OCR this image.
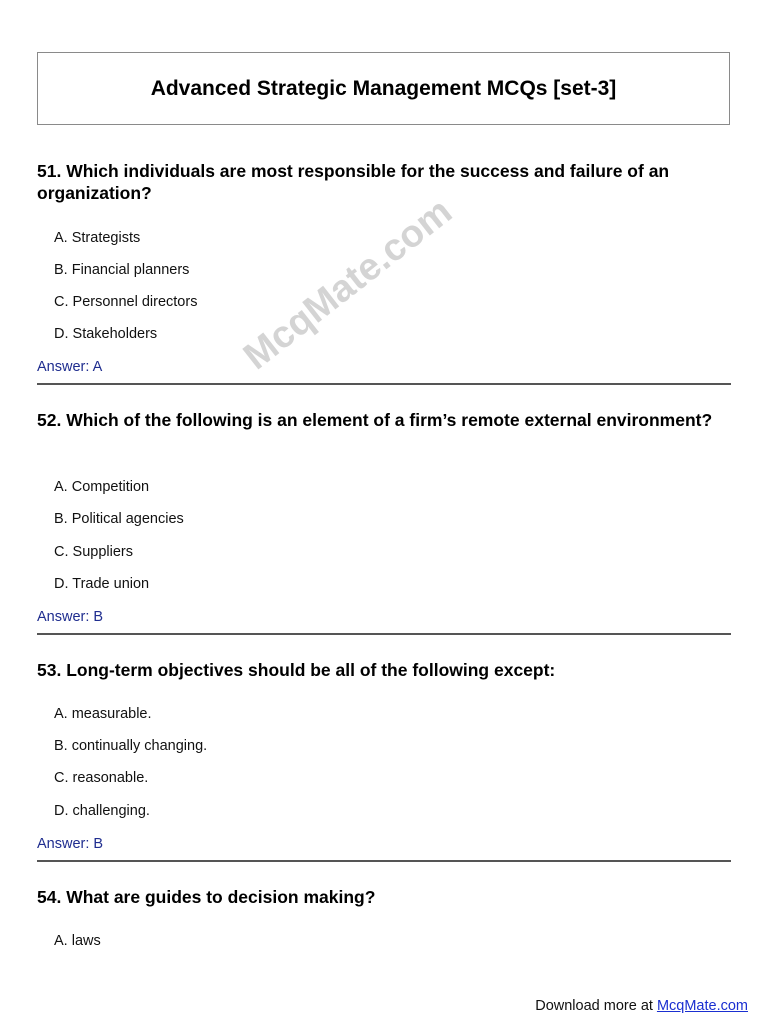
Advanced Strategic Management MCQs [set-3]
McqMate.com

51. Which individuals are most responsible for the success and failure of an organization?

A. Strategists
B. Financial planners
C. Personnel directors
D. Stakeholders
Answer: A

52. Which of the following is an element of a firm’s remote external environment?

A. Competition
B. Political agencies
C. Suppliers
D. Trade union
Answer: B

53. Long-term objectives should be all of the following except:

A. measurable.
B. continually changing.
C. reasonable.
D. challenging.
Answer: B

54. What are guides to decision making?

A. laws
Download more at McqMate.com
